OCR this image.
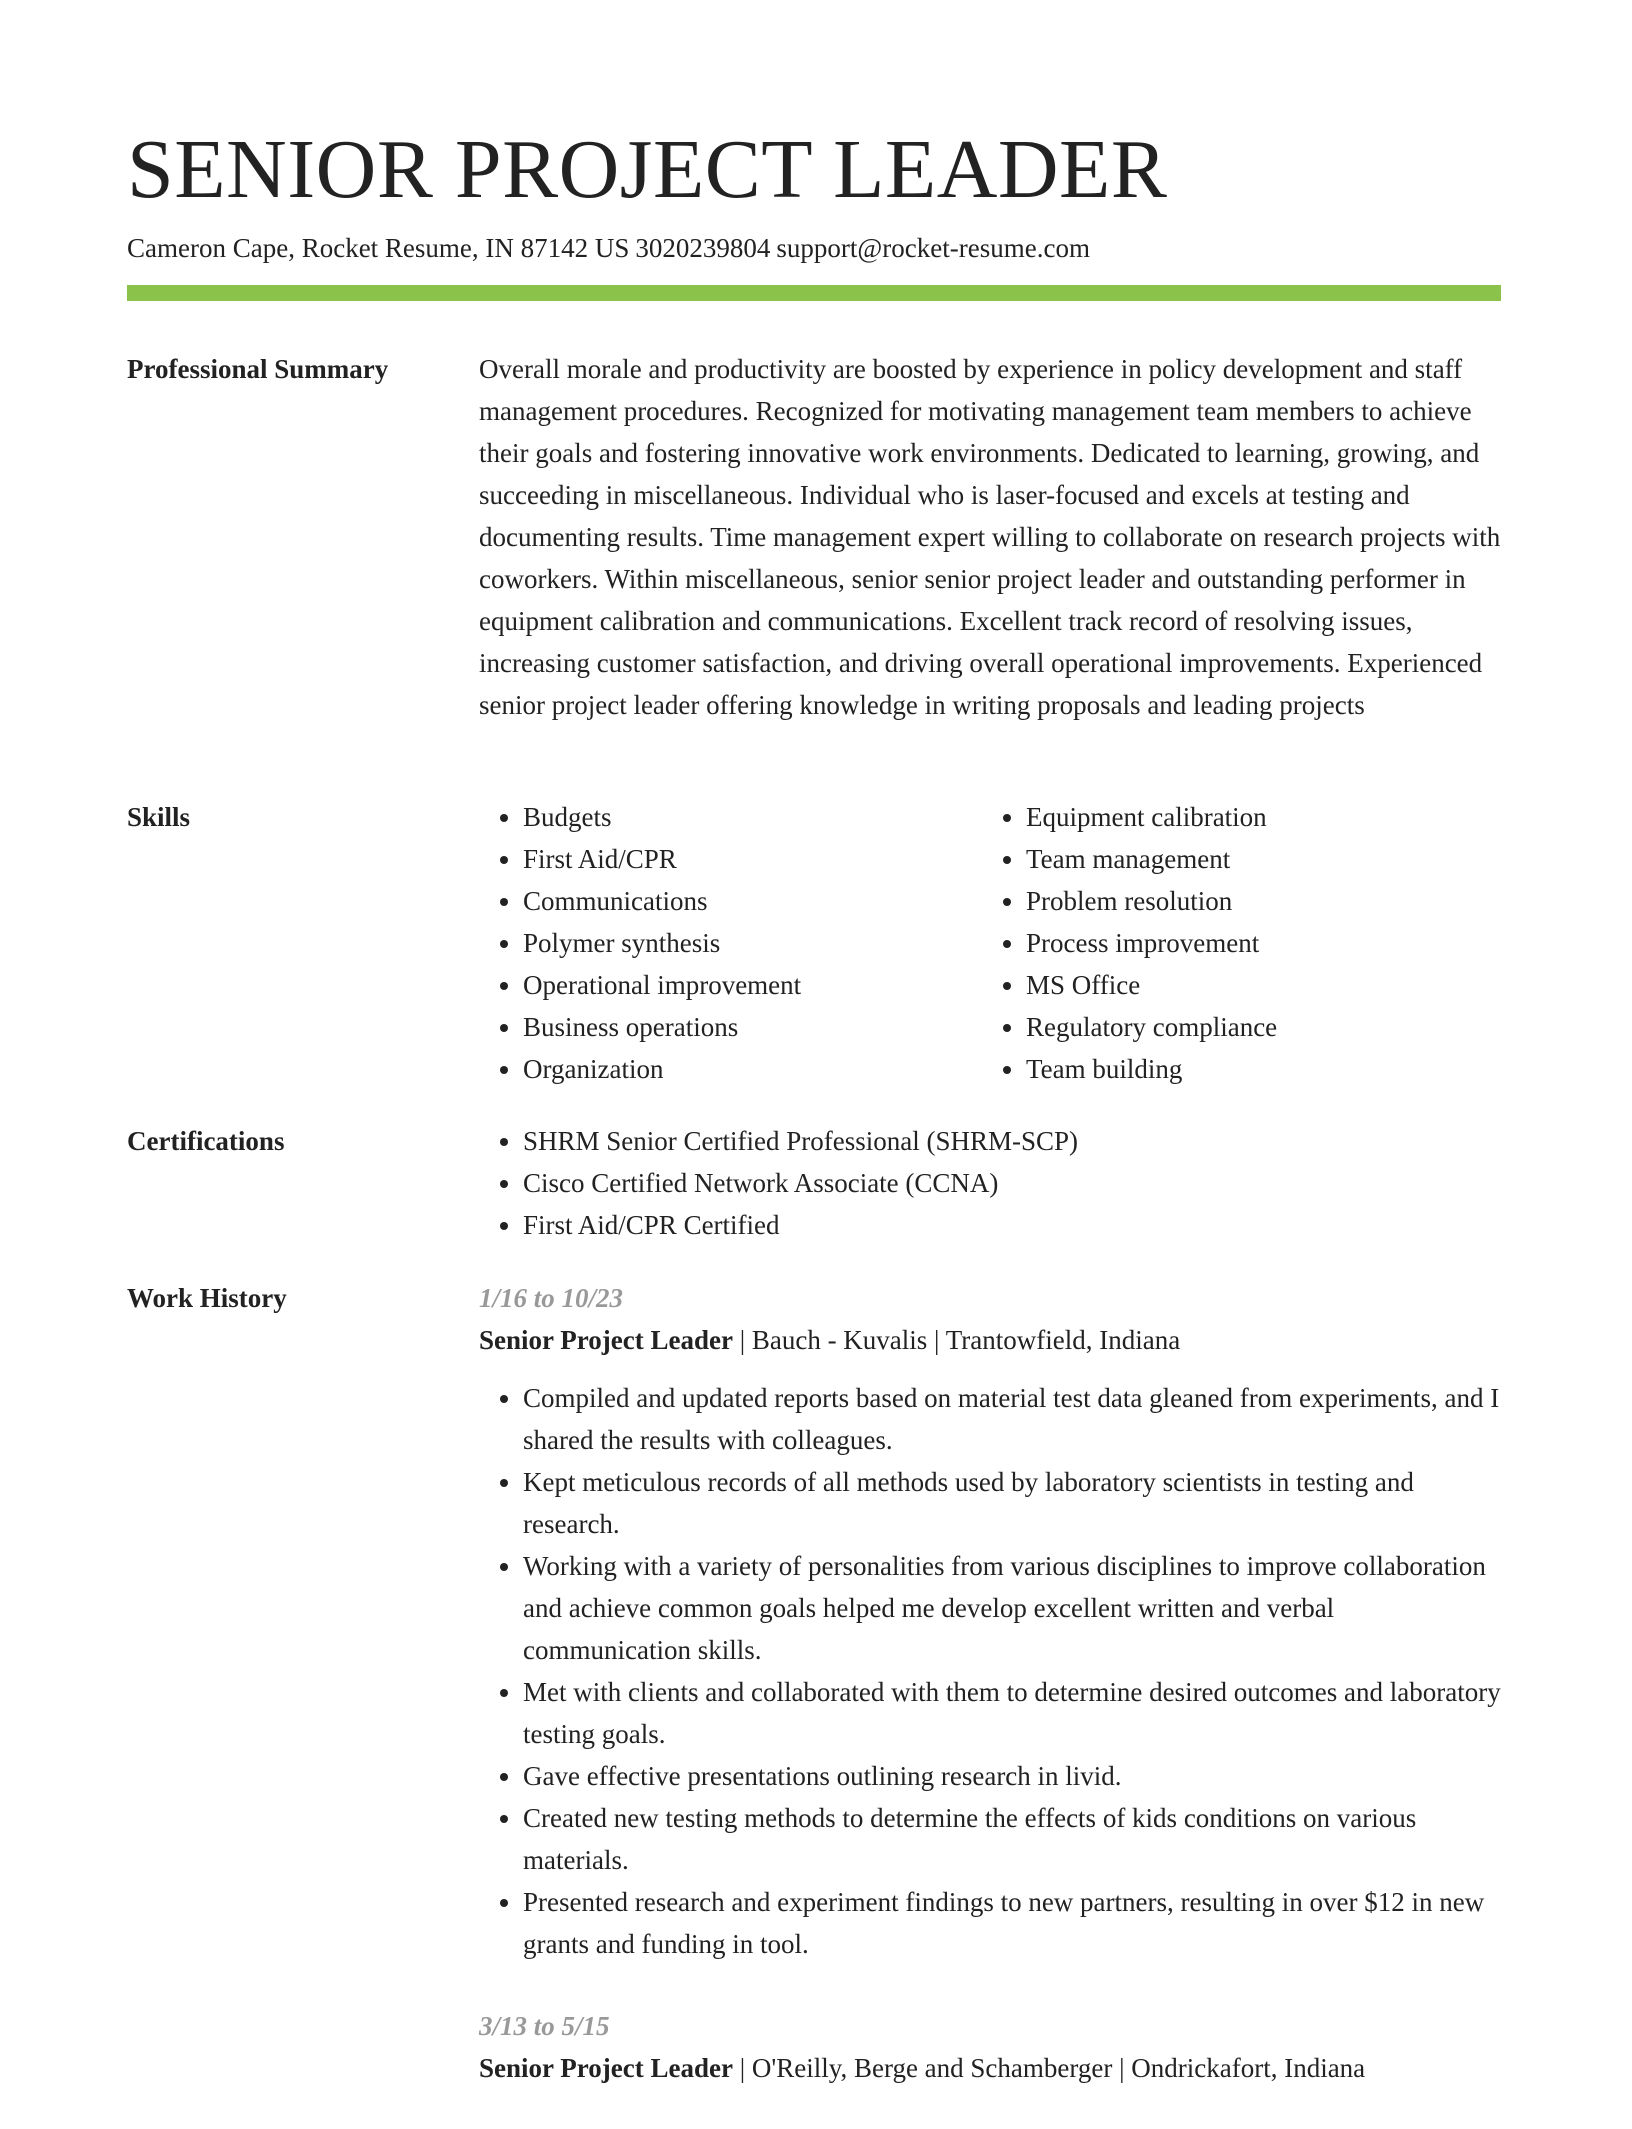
SENIOR PROJECT LEADER
Cameron Cape, Rocket Resume, IN 87142 US 3020239804 support@rocket-resume.com
Professional Summary	Overall morale and productivity are boosted by experience in policy development and staff management procedures. Recognized for motivating management team members to achieve their goals and fostering innovative work environments. Dedicated to learning, growing, and succeeding in miscellaneous. Individual who is laser-focused and excels at testing and documenting results. Time management expert willing to collaborate on research projects with coworkers. Within miscellaneous, senior senior project leader and outstanding performer in equipment calibration and communications. Excellent track record of resolving issues, increasing customer satisfaction, and driving overall operational improvements. Experienced senior project leader offering knowledge in writing proposals and leading projects

Skills	• Budgets
• First Aid/CPR
• Communications
• Polymer synthesis
• Operational improvement
• Business operations
• Organization
• Equipment calibration
• Team management
• Problem resolution
• Process improvement
• MS Office
• Regulatory compliance
• Team building
Certifications	• SHRM Senior Certified Professional (SHRM-SCP)
• Cisco Certified Network Associate (CCNA)
• First Aid/CPR Certified
Work History	1/16 to 10/23
Senior Project Leader | Bauch - Kuvalis | Trantowfield, Indiana
• Compiled and updated reports based on material test data gleaned from experiments, and I shared the results with colleagues.
• Kept meticulous records of all methods used by laboratory scientists in testing and research.
• Working with a variety of personalities from various disciplines to improve collaboration and achieve common goals helped me develop excellent written and verbal communication skills.
• Met with clients and collaborated with them to determine desired outcomes and laboratory testing goals.
• Gave effective presentations outlining research in livid.
• Created new testing methods to determine the effects of kids conditions on various materials.
• Presented research and experiment findings to new partners, resulting in over $12 in new grants and funding in tool.
3/13 to 5/15
Senior Project Leader | O'Reilly, Berge and Schamberger | Ondrickafort, Indiana
